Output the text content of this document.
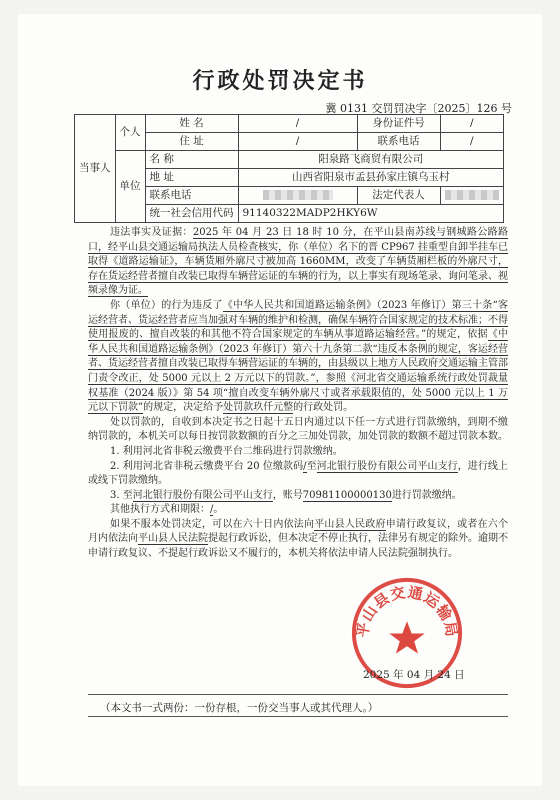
行政处罚决定书
冀 0131 交罚罚决字〔2025〕126 号
当事人	个人	姓 名	/	身份证件号	/
		住 址	/	联系电话	/
	单位	名 称	阳泉路飞商贸有限公司		
		地 址	山西省阳泉市孟县孙家庄镇乌玉村		
		联系电话		法定代表人	
		统一社会信用代码	91140322MADP2HKY6W		

违法事实及证据：2025 年 04 月 23 日 18 时 10 分，在平山县南苏线与钢城路公路路口，经平山县交通运输局执法人员检查核实，你（单位）名下的晋 CP967 挂重型自卸半挂车已取得《道路运输证》，车辆货厢外廓尺寸被加高 1660MM，改变了车辆货厢栏板的外廓尺寸，存在货运经营者擅自改装已取得车辆营运证的车辆的行为，以上事实有现场笔录、询问笔录、视频录像为证。

你（单位）的行为违反了《中华人民共和国道路运输条例》（2023 年修订）第三十条“客运经营者、货运经营者应当加强对车辆的维护和检测，确保车辆符合国家规定的技术标准；不得使用报废的、擅自改装的和其他不符合国家规定的车辆从事道路运输经营。”的规定，依据《中华人民共和国道路运输条例》（2023 年修订）第六十九条第二款“违反本条例的规定，客运经营者、货运经营者擅自改装已取得车辆营运证的车辆的，由县级以上地方人民政府交通运输主管部门责令改正，处 5000 元以上 2 万元以下的罚款。”，参照《河北省交通运输系统行政处罚裁量权基准（2024 版）》第 54 项“擅自改变车辆外廓尺寸或者承载限值的，处 5000 元以上 1 万元以下罚款”的规定，决定给予处罚款玖仟元整的行政处罚。

处以罚款的，自收到本决定书之日起十五日内通过以下任一方式进行罚款缴纳，到期不缴纳罚款的，本机关可以每日按罚款数额的百分之三加处罚款，加处罚款的数额不超过罚款本数。

1. 利用河北省非税云缴费平台二维码进行罚款缴纳。

2. 利用河北省非税云缴费平台 20 位缴款码/至河北银行股份有限公司平山支行，进行线上或线下罚款缴纳。

3. 至河北银行股份有限公司平山支行，账号70981100000130进行罚款缴纳。

其他执行方式和期限：/。

如果不服本处罚决定，可以在六十日内依法向平山县人民政府申请行政复议，或者在六个月内依法向平山县人民法院提起行政诉讼，但本决定不停止执行，法律另有规定的除外。逾期不申请行政复议、不提起行政诉讼又不履行的，本机关将依法申请人民法院强制执行。

平山县交通运输局
2025 年 04 月 24 日
（本文书一式两份：一份存根，一份交当事人或其代理人。）
